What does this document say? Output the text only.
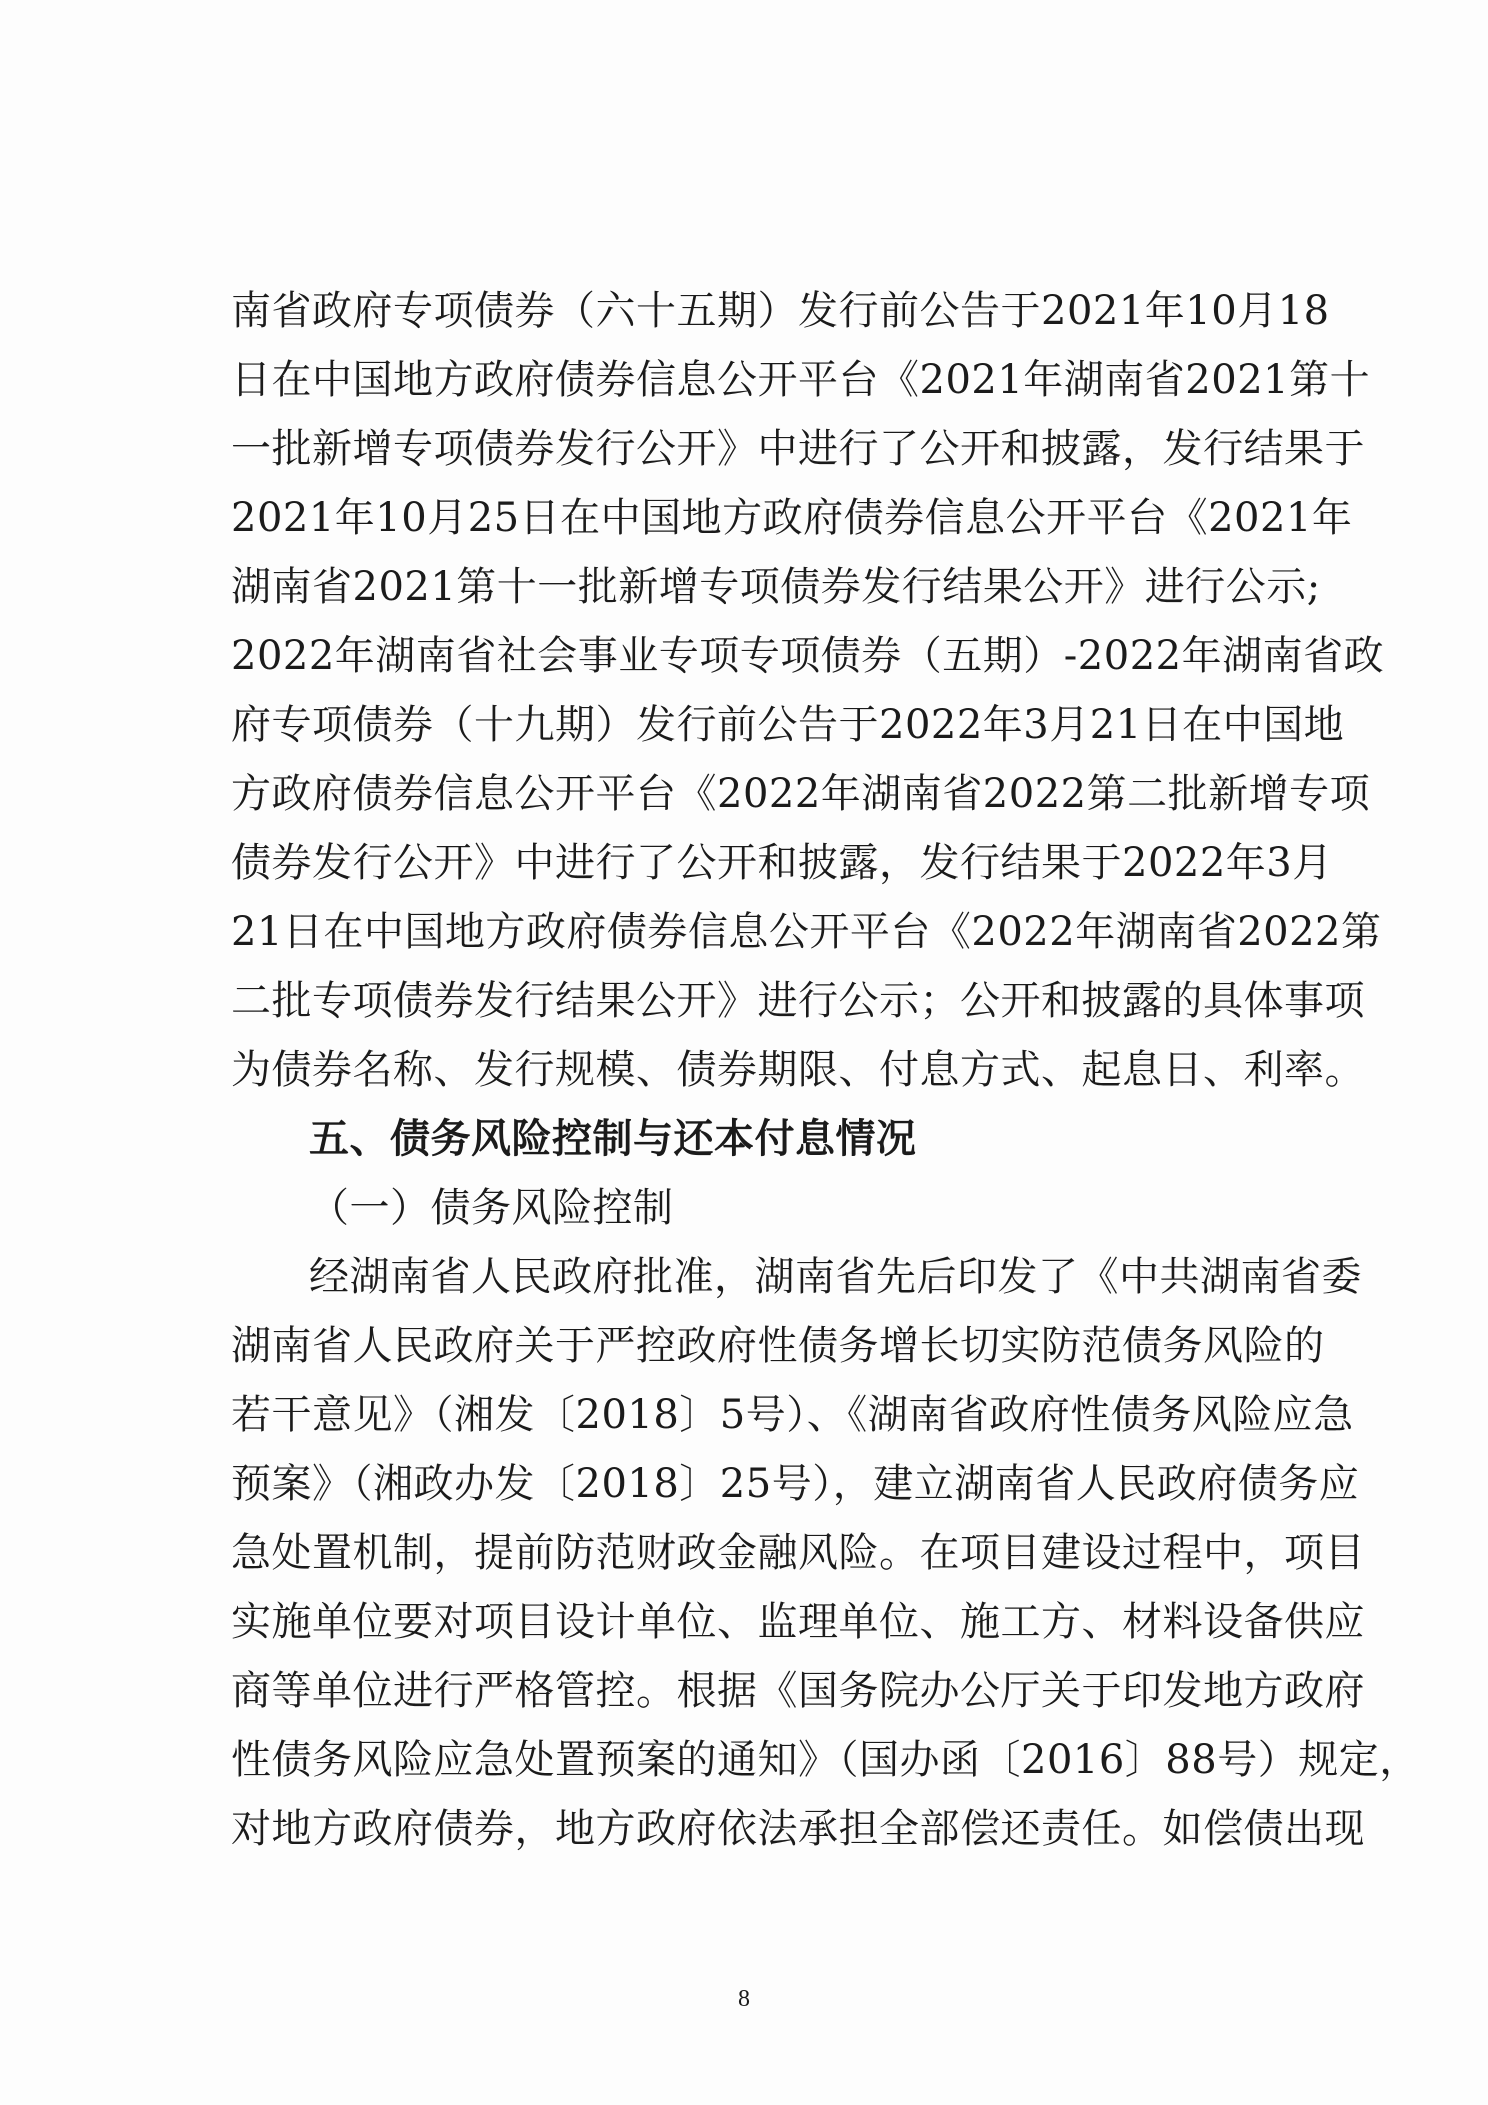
南省政府专项债券（六十五期）发行前公告于2021年10月18
日在中国地方政府债券信息公开平台《2021年湖南省2021第十
一批新增专项债券发行公开》中进行了公开和披露，发行结果于
2021年10月25日在中国地方政府债券信息公开平台《2021年
湖南省2021第十一批新增专项债券发行结果公开》进行公示;
2022年湖南省社会事业专项专项债券（五期）-2022年湖南省政
府专项债券（十九期）发行前公告于2022年3月21日在中国地
方政府债券信息公开平台《2022年湖南省2022第二批新增专项
债券发行公开》中进行了公开和披露，发行结果于2022年3月
21日在中国地方政府债券信息公开平台《2022年湖南省2022第
二批专项债券发行结果公开》进行公示；公开和披露的具体事项
为债券名称、发行规模、债券期限、付息方式、起息日、利率。
五、债务风险控制与还本付息情况
（一）债务风险控制
经湖南省人民政府批准，湖南省先后印发了《中共湖南省委
湖南省人民政府关于严控政府性债务增长切实防范债务风险的
若干意见》（湘发〔2018〕5号）、《湖南省政府性债务风险应急
预案》（湘政办发〔2018〕25号），建立湖南省人民政府债务应
急处置机制，提前防范财政金融风险。在项目建设过程中，项目
实施单位要对项目设计单位、监理单位、施工方、材料设备供应
商等单位进行严格管控。根据《国务院办公厅关于印发地方政府
性债务风险应急处置预案的通知》（国办函〔2016〕88号）规定，
对地方政府债券，地方政府依法承担全部偿还责任。如偿债出现
8
